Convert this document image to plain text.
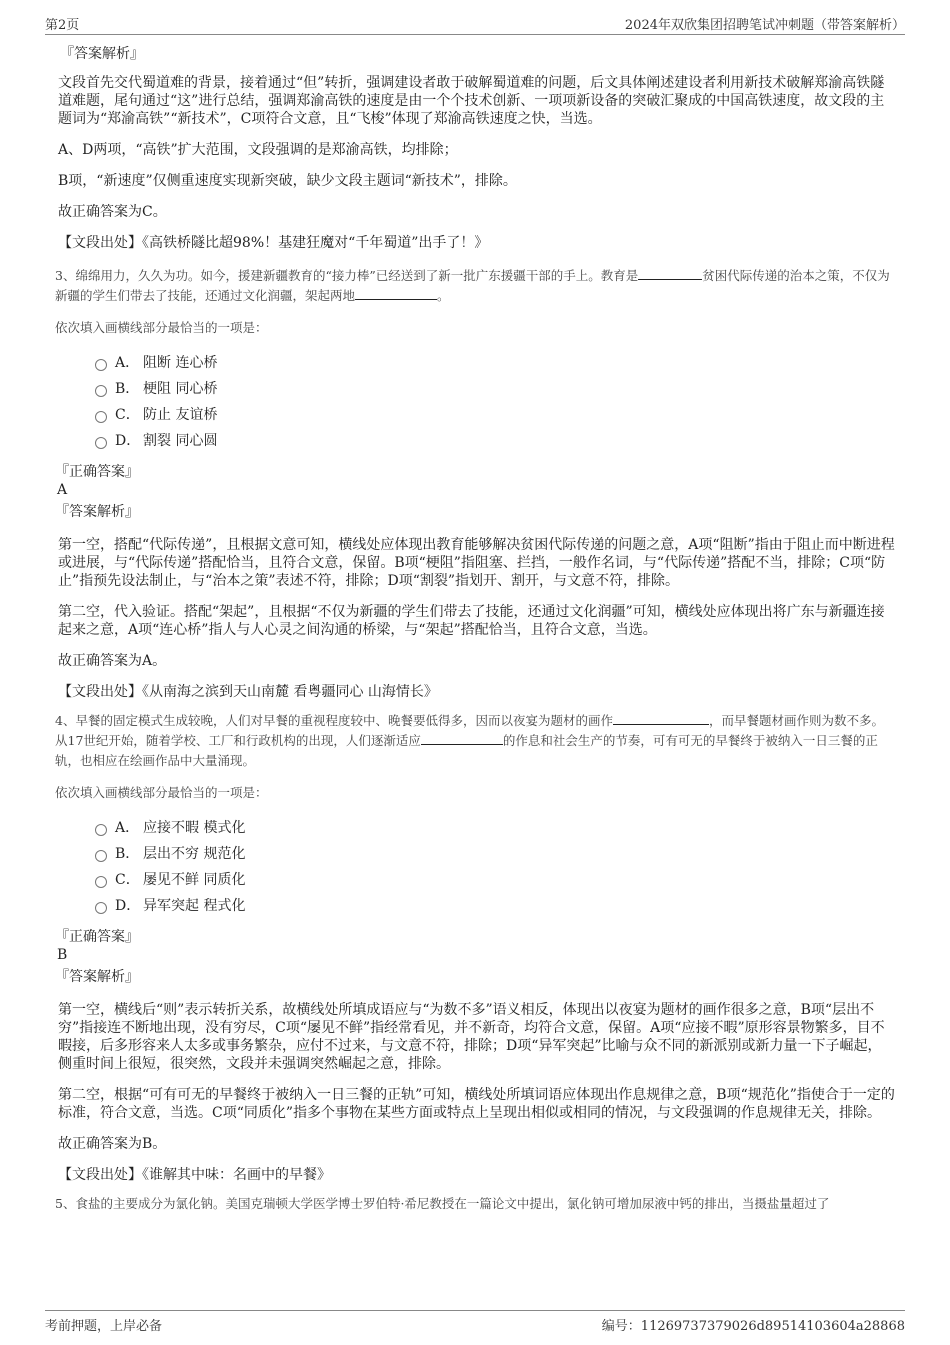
第2页	2024年双欣集团招聘笔试冲刺题（带答案解析）

『答案解析』

文段首先交代蜀道难的背景，接着通过“但”转折，强调建设者敢于破解蜀道难的问题，后文具体阐述建设者利用新技术破解郑渝高铁隧道难题，尾句通过“这”进行总结，强调郑渝高铁的速度是由一个个技术创新、一项项新设备的突破汇聚成的中国高铁速度，故文段的主题词为“郑渝高铁”“新技术”，C项符合文意，且“飞梭”体现了郑渝高铁速度之快，当选。

A、D两项，“高铁”扩大范围，文段强调的是郑渝高铁，均排除；

B项，“新速度”仅侧重速度实现新突破，缺少文段主题词“新技术”，排除。

故正确答案为C。

【文段出处】《高铁桥隧比超98%！基建狂魔对“千年蜀道”出手了！》

3、绵绵用力，久久为功。如今，援建新疆教育的“接力棒”已经送到了新一批广东援疆干部的手上。教育是	贫困代际传递的治本之策，不仅为新疆的学生们带去了技能，还通过文化润疆，架起两地	。

依次填入画横线部分最恰当的一项是：

A． 阻断 连心桥
B． 梗阻 同心桥
C． 防止 友谊桥
D． 割裂 同心圆

『正确答案』

A

『答案解析』

第一空，搭配“代际传递”，且根据文意可知，横线处应体现出教育能够解决贫困代际传递的问题之意，A项“阻断”指由于阻止而中断进程或进展，与“代际传递”搭配恰当，且符合文意，保留。B项“梗阻”指阻塞、拦挡，一般作名词，与“代际传递”搭配不当，排除；C项“防止”指预先设法制止，与“治本之策”表述不符，排除；D项“割裂”指划开、割开，与文意不符，排除。

第二空，代入验证。搭配“架起”，且根据“不仅为新疆的学生们带去了技能，还通过文化润疆”可知，横线处应体现出将广东与新疆连接起来之意，A项“连心桥”指人与人心灵之间沟通的桥梁，与“架起”搭配恰当，且符合文意，当选。

故正确答案为A。

【文段出处】《从南海之滨到天山南麓 看粤疆同心 山海情长》

4、早餐的固定模式生成较晚，人们对早餐的重视程度较中、晚餐要低得多，因而以夜宴为题材的画作	，而早餐题材画作则为数不多。从17世纪开始，随着学校、工厂和行政机构的出现，人们逐渐适应	的作息和社会生产的节奏，可有可无的早餐终于被纳入一日三餐的正轨，也相应在绘画作品中大量涌现。

依次填入画横线部分最恰当的一项是：

A． 应接不暇 模式化
B． 层出不穷 规范化
C． 屡见不鲜 同质化
D． 异军突起 程式化

『正确答案』

B

『答案解析』

第一空，横线后“则”表示转折关系，故横线处所填成语应与“为数不多”语义相反，体现出以夜宴为题材的画作很多之意，B项“层出不穷”指接连不断地出现，没有穷尽，C项“屡见不鲜”指经常看见，并不新奇，均符合文意，保留。A项“应接不暇”原形容景物繁多，目不暇接，后多形容来人太多或事务繁杂，应付不过来，与文意不符，排除；D项“异军突起”比喻与众不同的新派别或新力量一下子崛起，侧重时间上很短，很突然，文段并未强调突然崛起之意，排除。

第二空，根据“可有可无的早餐终于被纳入一日三餐的正轨”可知，横线处所填词语应体现出作息规律之意，B项“规范化”指使合于一定的标准，符合文意，当选。C项“同质化”指多个事物在某些方面或特点上呈现出相似或相同的情况，与文段强调的作息规律无关，排除。

故正确答案为B。

【文段出处】《谁解其中味：名画中的早餐》

5、食盐的主要成分为氯化钠。美国克瑞顿大学医学博士罗伯特·希尼教授在一篇论文中提出，氯化钠可增加尿液中钙的排出，当摄盐量超过了

考前押题，上岸必备	编号：11269737379026d89514103604a28868
